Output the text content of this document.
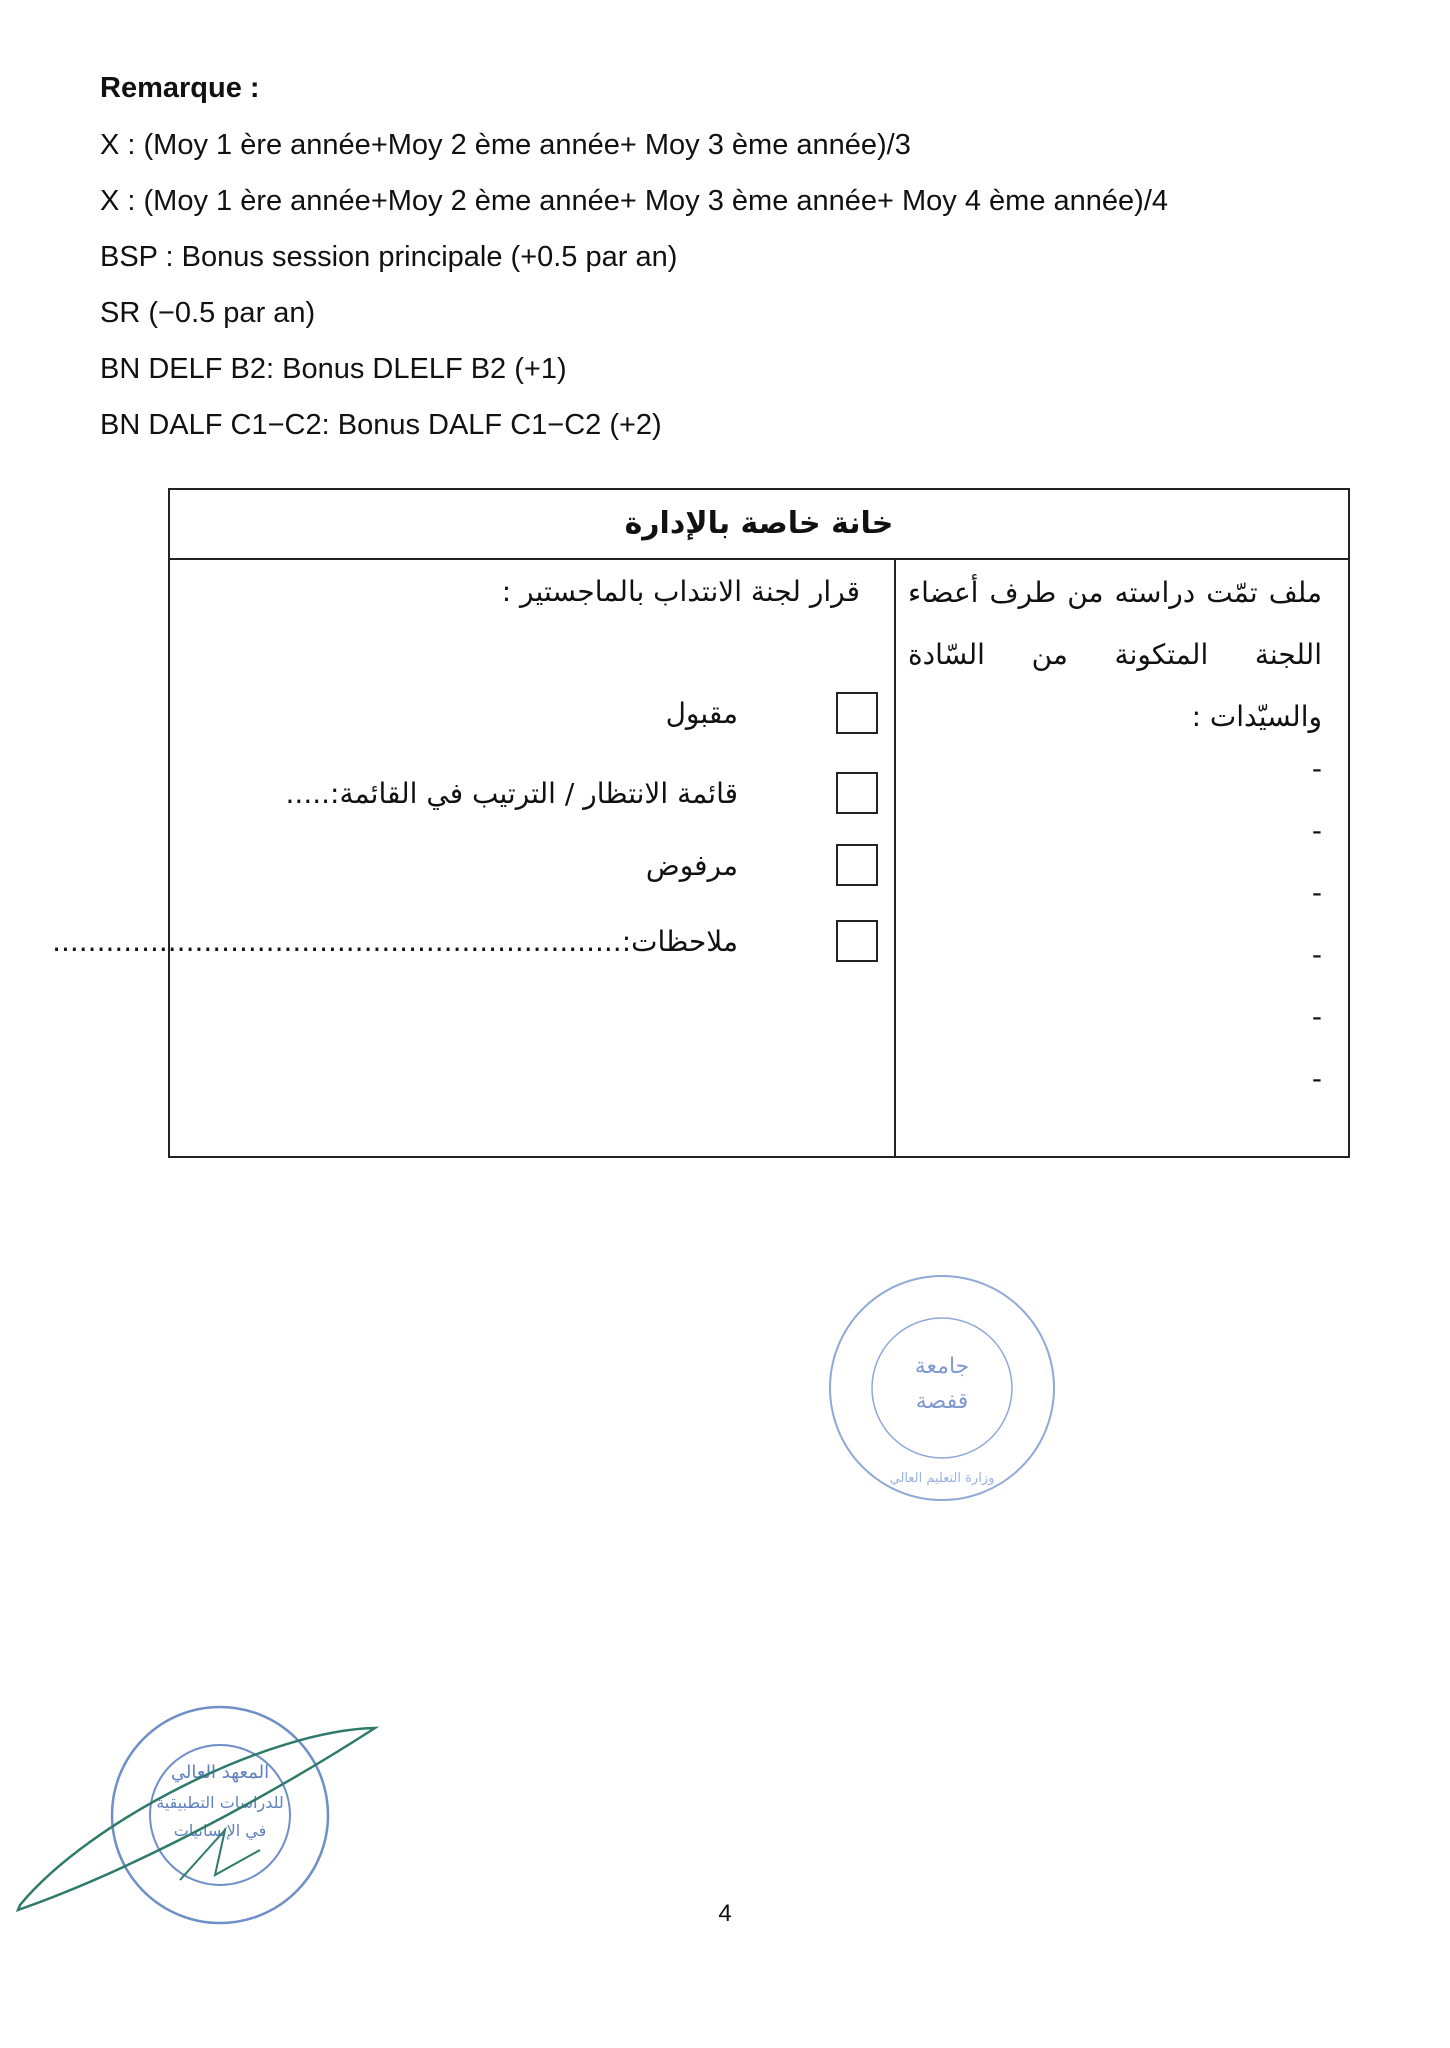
Remarque :
X : (Moy 1 ère année+Moy 2 ème année+ Moy 3 ème année)/3
X : (Moy 1 ère année+Moy 2 ème année+ Moy 3 ème année+ Moy 4 ème année)/4
BSP : Bonus session principale (+0.5 par an)
SR (−0.5 par an)
BN DELF B2: Bonus DLELF B2 (+1)
BN DALF C1−C2: Bonus DALF C1−C2 (+2)
خانة خاصة بالإدارة
ملف تمّت دراسته من طرف أعضاء اللجنة المتكونة من السّادة والسيّدات :
-
-
-
-
-
-
قرار لجنة الانتداب بالماجستير :
مقبول
قائمة الانتظار / الترتيب في القائمة:.....
مرفوض
ملاحظات:................................................................
جامعة
قفصة
وزارة التعليم العالي
المعهد العالي
للدراسات التطبيقية
في الإنسانيات
4
